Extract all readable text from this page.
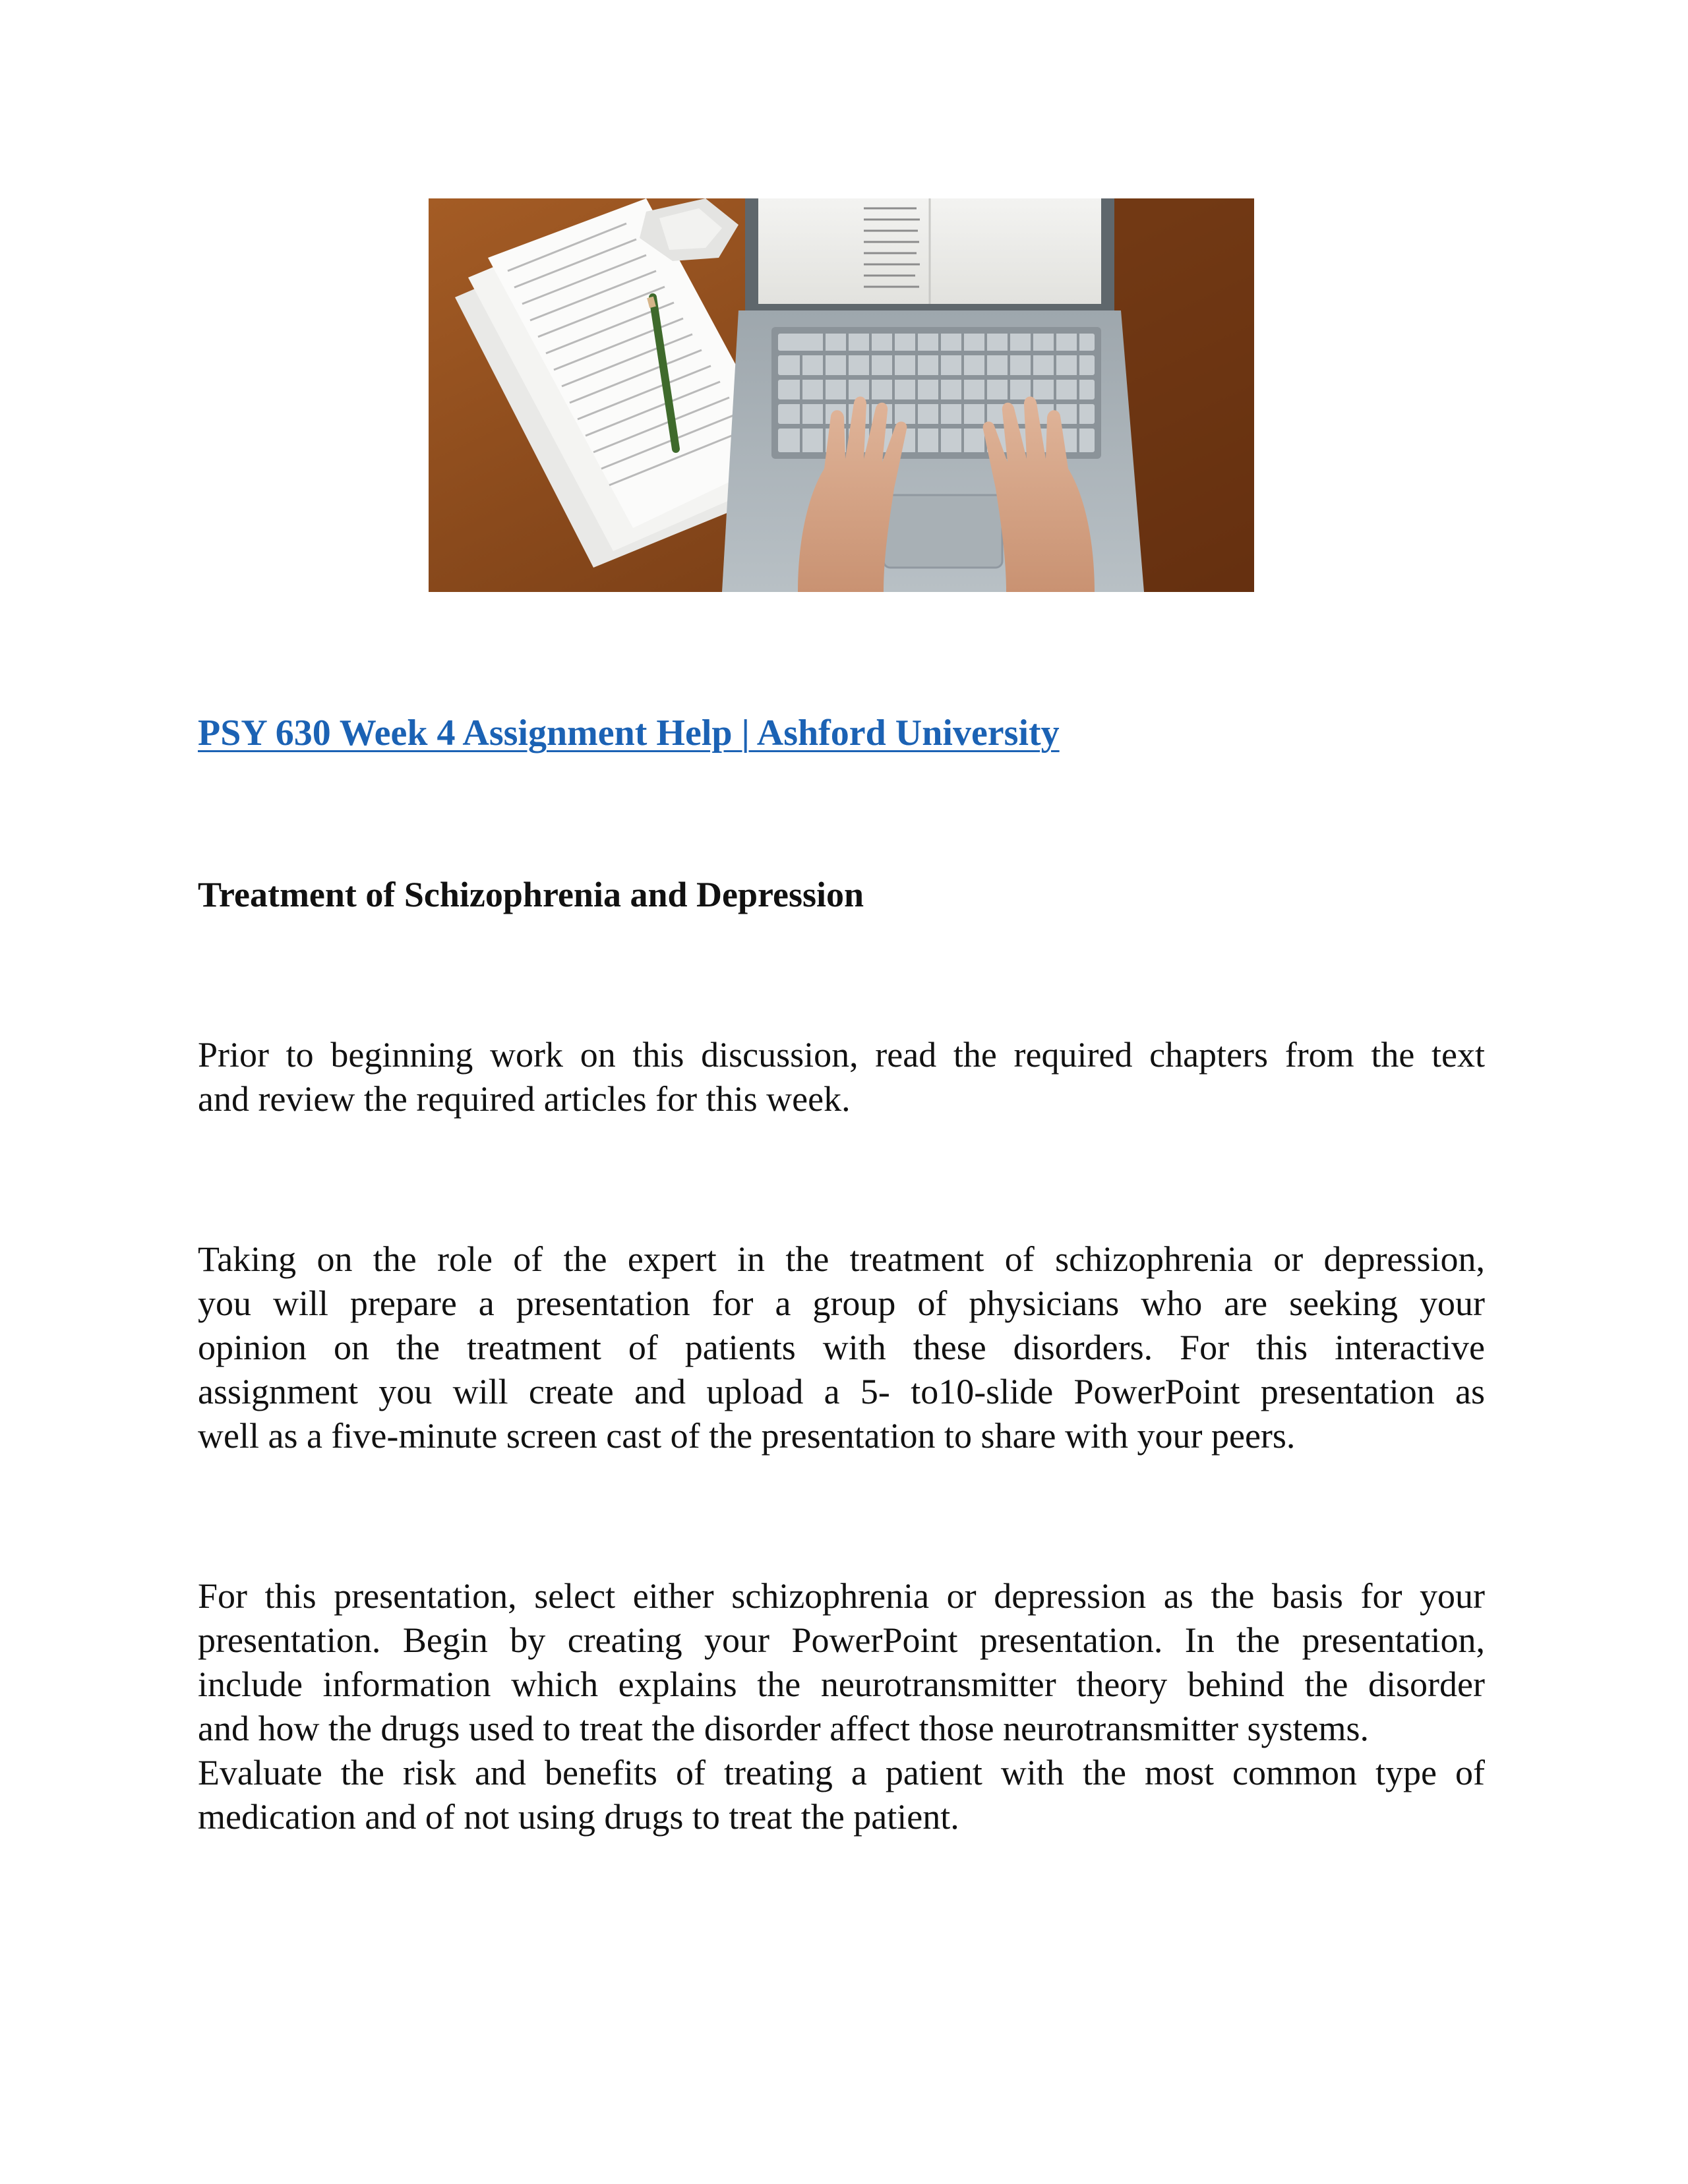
PSY 630 Week 4 Assignment Help | Ashford University
Treatment of Schizophrenia and Depression

Prior to beginning work on this discussion, read the required chapters from the text
and review the required articles for this week.

Taking on the role of the expert in the treatment of schizophrenia or depression,
you will prepare a presentation for a group of physicians who are seeking your
opinion on the treatment of patients with these disorders. For this interactive
assignment you will create and upload a 5- to10-slide PowerPoint presentation as
well as a five-minute screen cast of the presentation to share with your peers.

For this presentation, select either schizophrenia or depression as the basis for your
presentation. Begin by creating your PowerPoint presentation. In the presentation,
include information which explains the neurotransmitter theory behind the disorder
and how the drugs used to treat the disorder affect those neurotransmitter systems.
Evaluate the risk and benefits of treating a patient with the most common type of
medication and of not using drugs to treat the patient.
